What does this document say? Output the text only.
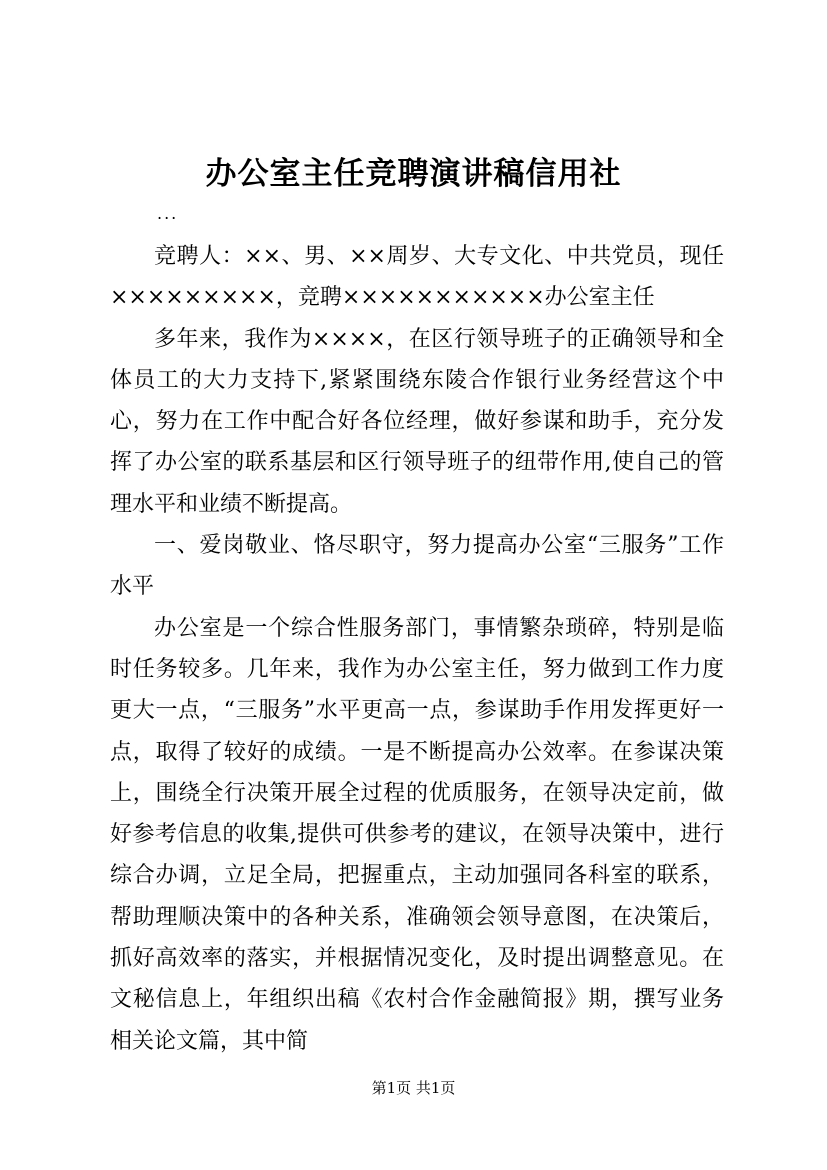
办公室主任竞聘演讲稿信用社
...

竞聘人：××、男、××周岁、大专文化、中共党员，现任×××××××××，竞聘×××××××××××办公室主任

多年来，我作为××××，在区行领导班子的正确领导和全体员工的大力支持下,紧紧围绕东陵合作银行业务经营这个中心，努力在工作中配合好各位经理，做好参谋和助手，充分发挥了办公室的联系基层和区行领导班子的纽带作用,使自己的管理水平和业绩不断提高。

一、爱岗敬业、恪尽职守，努力提高办公室“三服务”工作水平

办公室是一个综合性服务部门，事情繁杂琐碎，特别是临时任务较多。几年来，我作为办公室主任，努力做到工作力度更大一点，“三服务”水平更高一点，参谋助手作用发挥更好一点，取得了较好的成绩。一是不断提高办公效率。在参谋决策上，围绕全行决策开展全过程的优质服务，在领导决定前，做好参考信息的收集,提供可供参考的建议，在领导决策中，进行综合办调，立足全局，把握重点，主动加强同各科室的联系，帮助理顺决策中的各种关系，准确领会领导意图，在决策后，抓好高效率的落实，并根据情况变化，及时提出调整意见。在文秘信息上，年组织出稿《农村合作金融简报》期，撰写业务相关论文篇，其中简

第1页 共1页
